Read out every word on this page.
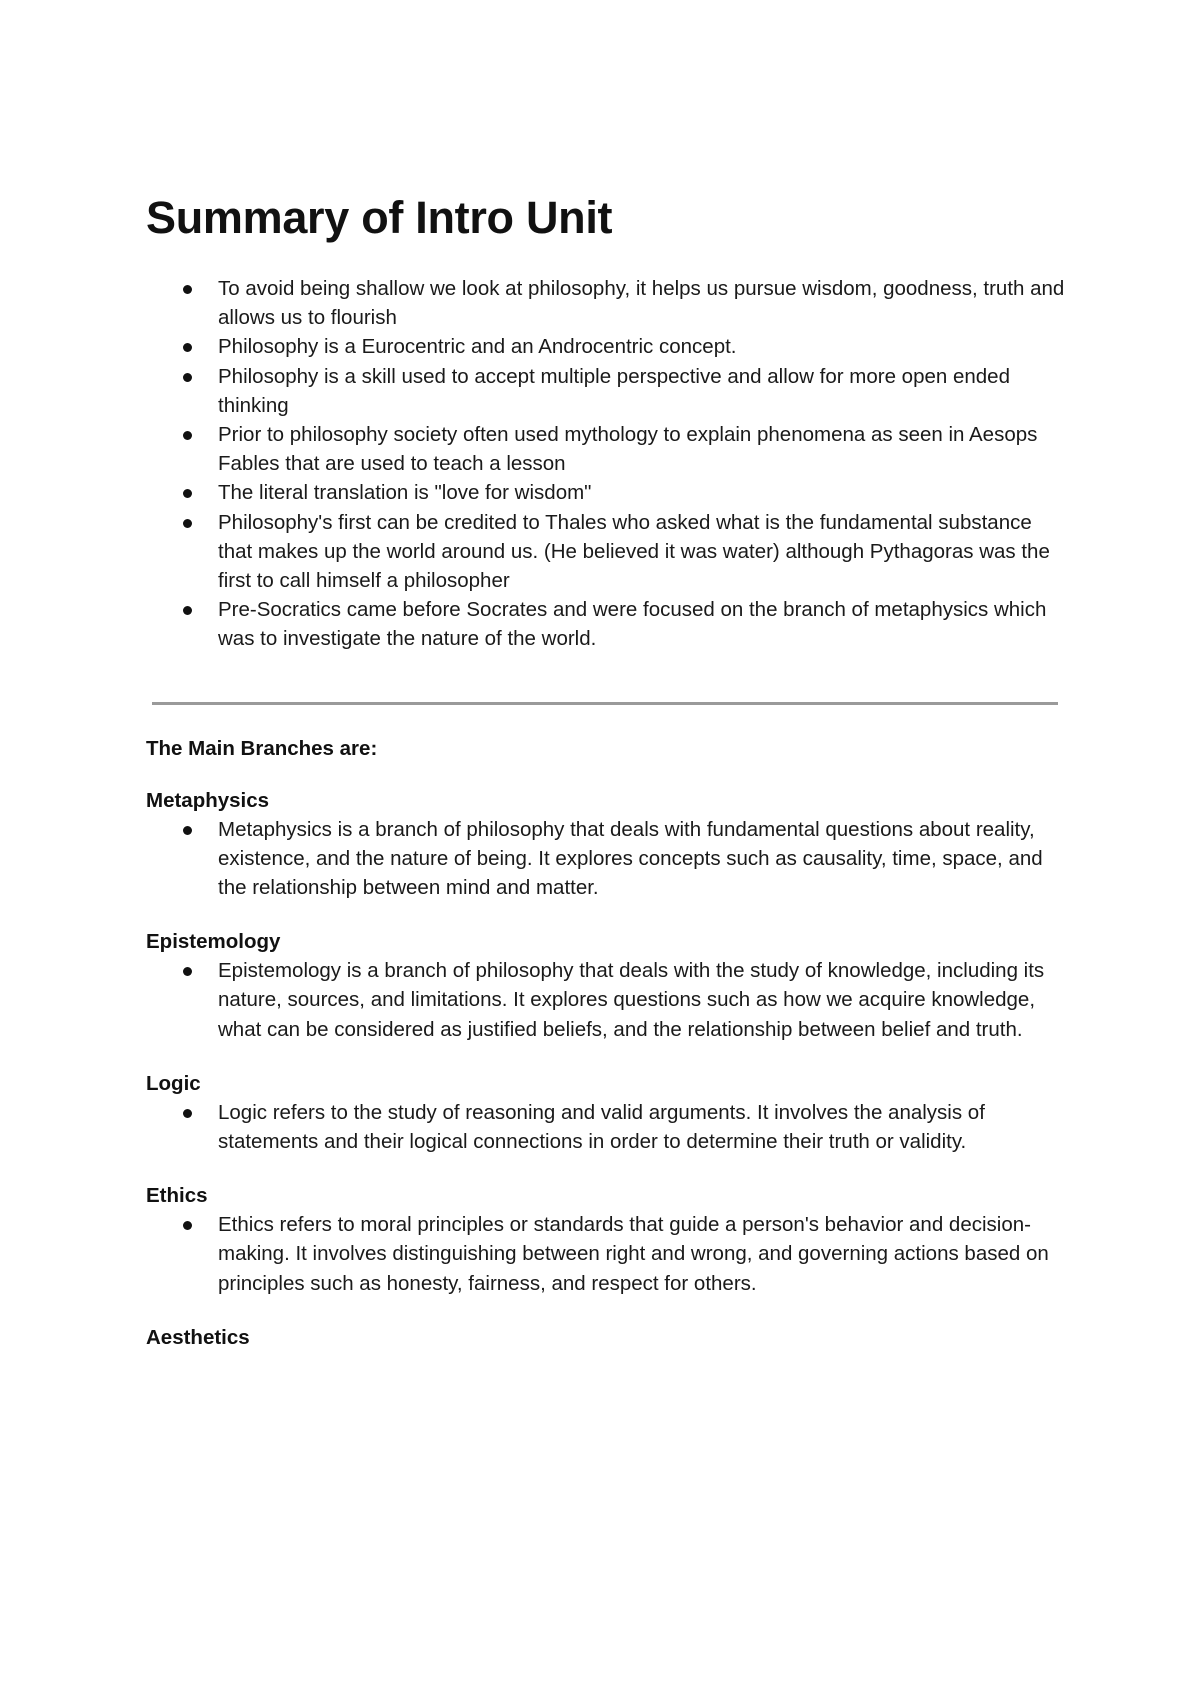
Summary of Intro Unit
To avoid being shallow we look at philosophy, it helps us pursue wisdom, goodness, truth and allows us to flourish
Philosophy is a Eurocentric and an Androcentric concept.
Philosophy is a skill used to accept multiple perspective and allow for more open ended thinking
Prior to philosophy society often used mythology to explain phenomena as seen in Aesops Fables that are used to teach a lesson
The literal translation is "love for wisdom"
Philosophy's first can be credited to Thales who asked what is the fundamental substance that makes up the world around us. (He believed it was water) although Pythagoras was the first to call himself a philosopher
Pre-Socratics came before Socrates and were focused on the branch of metaphysics which was to investigate the nature of the world.

The Main Branches are:

Metaphysics

Metaphysics is a branch of philosophy that deals with fundamental questions about reality, existence, and the nature of being. It explores concepts such as causality, time, space, and the relationship between mind and matter.

Epistemology

Epistemology is a branch of philosophy that deals with the study of knowledge, including its nature, sources, and limitations. It explores questions such as how we acquire knowledge, what can be considered as justified beliefs, and the relationship between belief and truth.

Logic

Logic refers to the study of reasoning and valid arguments. It involves the analysis of statements and their logical connections in order to determine their truth or validity.

Ethics

Ethics refers to moral principles or standards that guide a person's behavior and decision-making. It involves distinguishing between right and wrong, and governing actions based on principles such as honesty, fairness, and respect for others.

Aesthetics
